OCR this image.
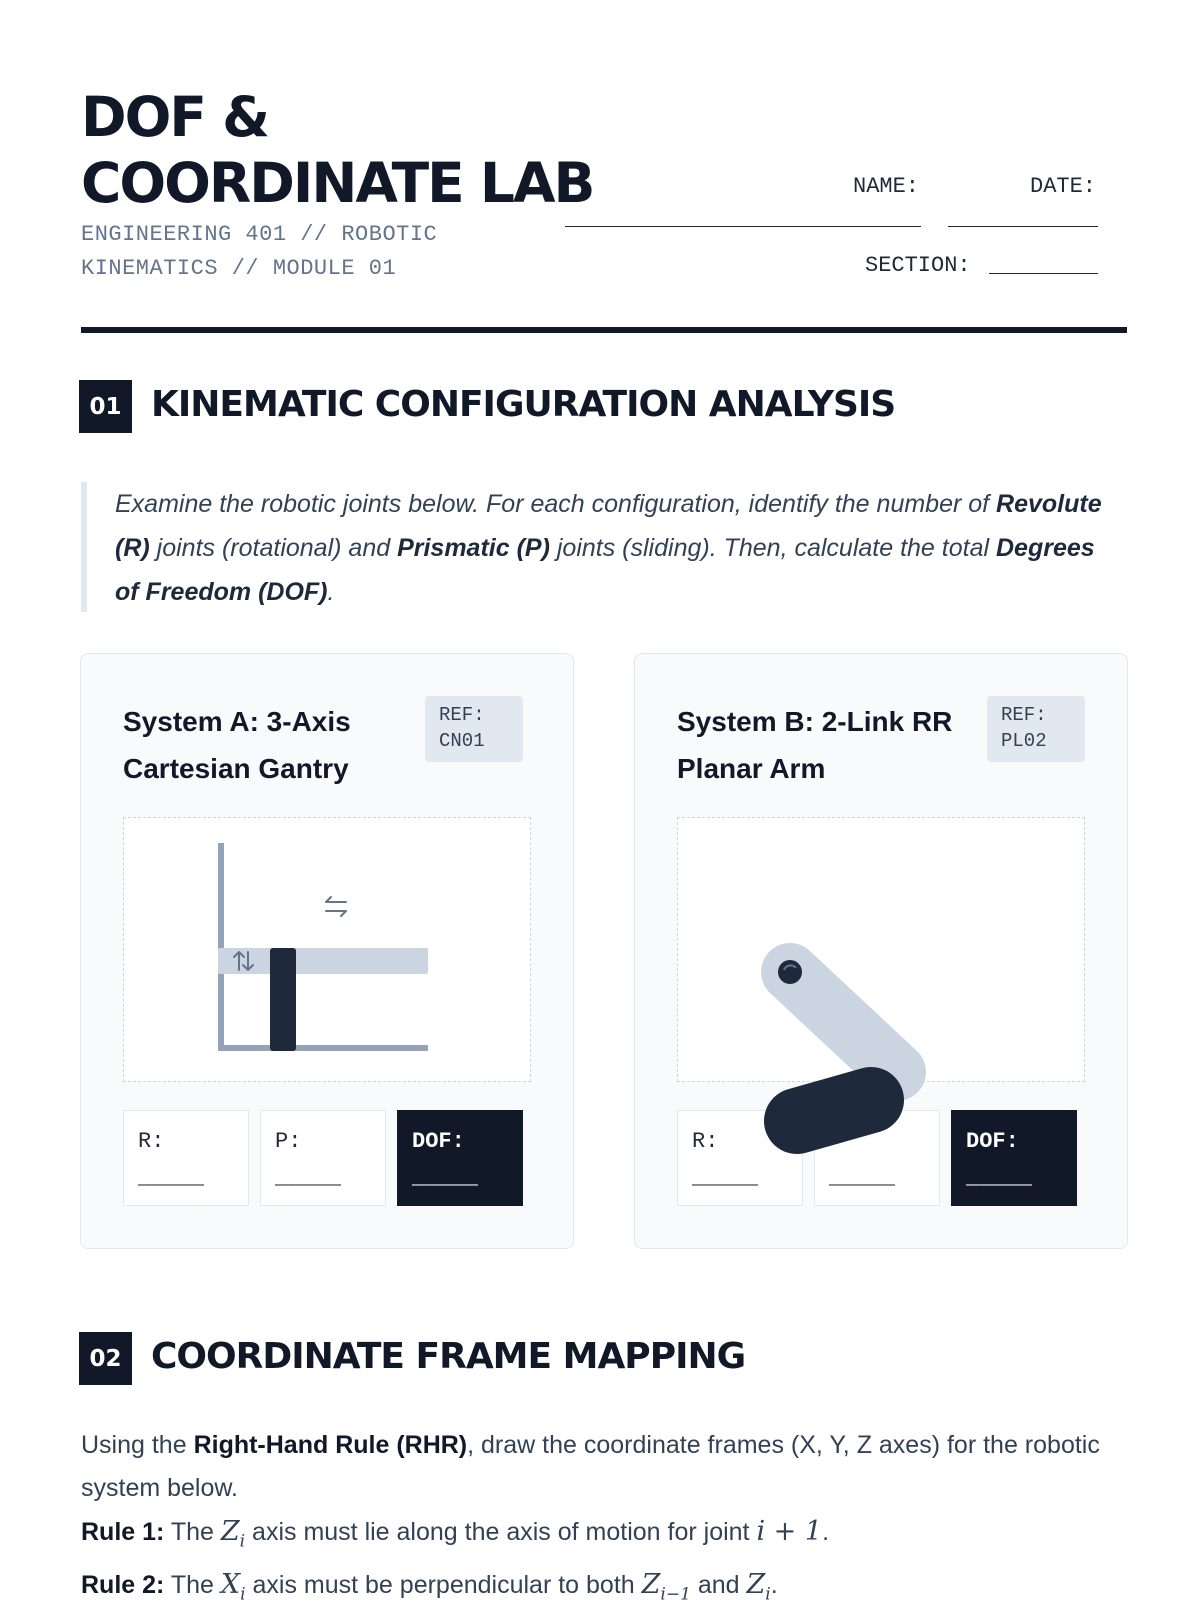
DOF &
COORDINATE LAB
ENGINEERING 401 // ROBOTIC
KINEMATICS // MODULE 01
NAME:	DATE:
SECTION:
01 KINEMATIC CONFIGURATION ANALYSIS
Examine the robotic joints below. For each configuration, identify the number of Revolute (R) joints (rotational) and Prismatic (P) joints (sliding). Then, calculate the total Degrees of Freedom (DOF).
System A: 3-Axis
Cartesian Gantry
REF:
CN01
R:
_____
P:
_____
DOF:
_____
System B: 2-Link RR
Planar Arm
REF:
PL02
R:
_____	_____
DOF:
_____
02 COORDINATE FRAME MAPPING
Using the Right-Hand Rule (RHR), draw the coordinate frames (X, Y, Z axes) for the robotic system below.
Rule 1: The $Z_i$ axis must lie along the axis of motion for joint i + 1.
Rule 2: The $X_i$ axis must be perpendicular to both $Z_{i-1}$ and $Z_i$.
